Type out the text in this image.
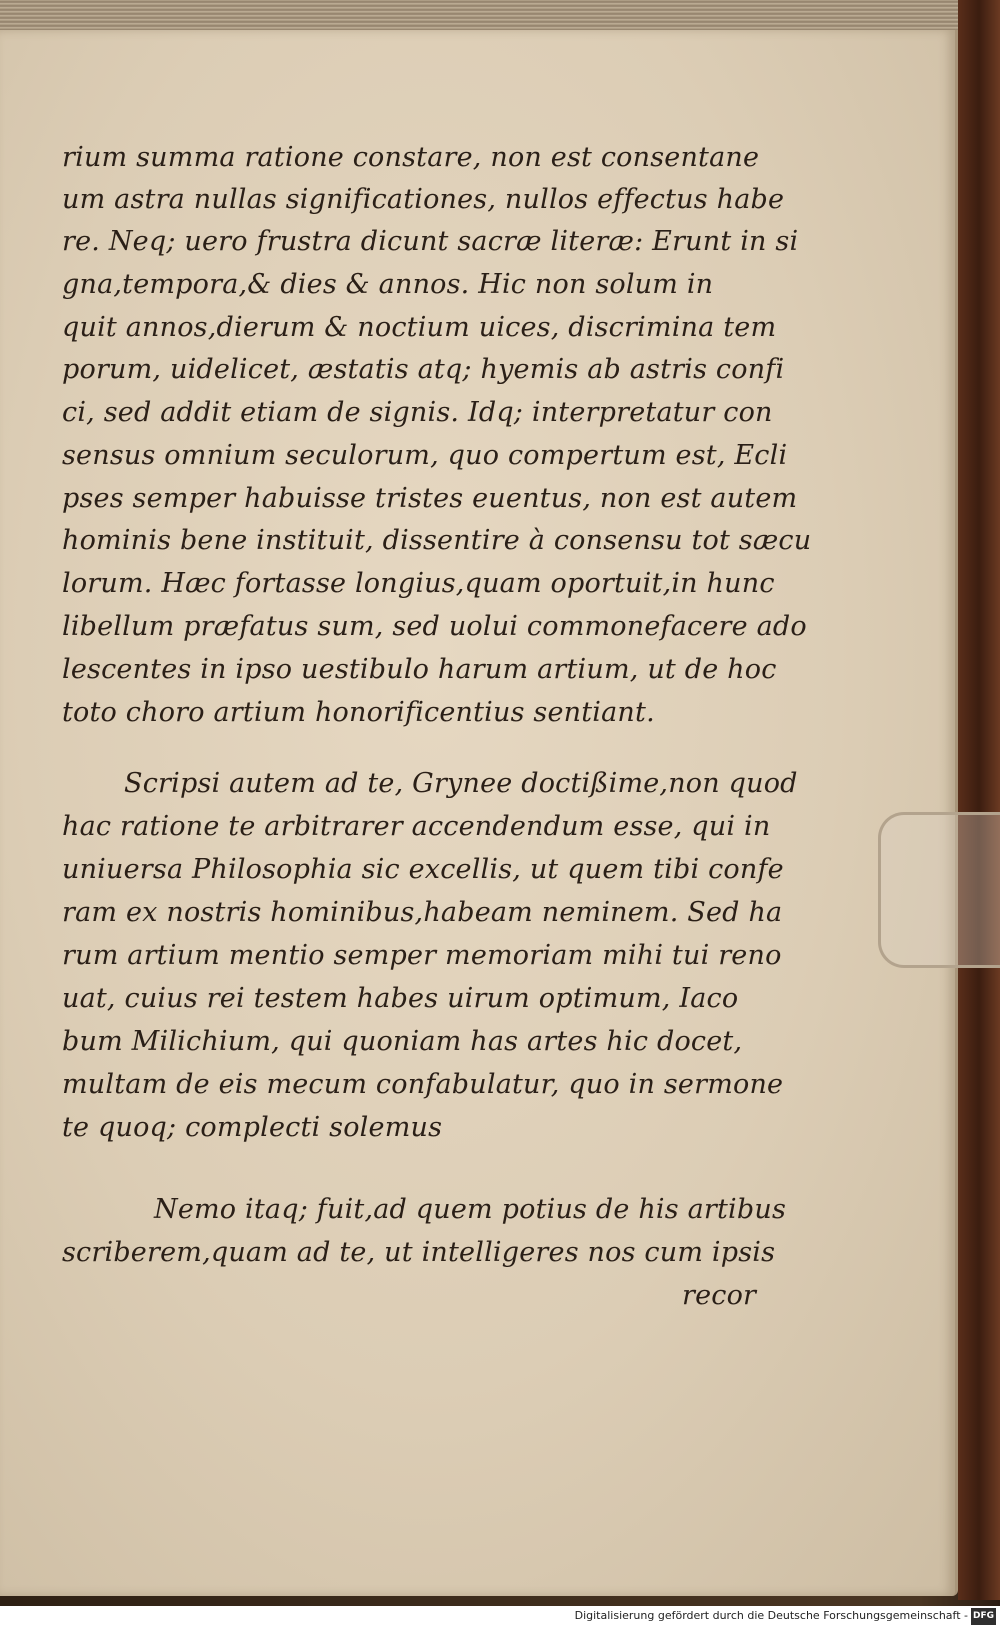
rium summa ratione constare, non est consentane
um astra nullas significationes, nullos effectus habe
re. Neq; uero frustra dicunt sacræ literæ: Erunt in si
gna,tempora,& dies & annos. Hic non solum in
quit annos,dierum & noctium uices, discrimina tem
porum, uidelicet, æstatis atq; hyemis ab astris confi
ci, sed addit etiam de signis. Idq; interpretatur con
sensus omnium seculorum, quo compertum est, Ecli
pses semper habuisse tristes euentus, non est autem
hominis bene instituit, dissentire à consensu tot sæcu
lorum. Hæc fortasse longius,quam oportuit,in hunc
libellum præfatus sum, sed uolui commonefacere ado
lescentes in ipso uestibulo harum artium, ut de hoc
toto choro artium honorificentius sentiant.
Scripsi autem ad te, Grynee doctißime,non quod
hac ratione te arbitrarer accendendum esse, qui in
uniuersa Philosophia sic excellis, ut quem tibi confe
ram ex nostris hominibus,habeam neminem. Sed ha
rum artium mentio semper memoriam mihi tui reno
uat, cuius rei testem habes uirum optimum, Iaco
bum Milichium, qui quoniam has artes hic docet,
multam de eis mecum confabulatur, quo in sermone
te quoq; complecti solemus
Nemo itaq; fuit,ad quem potius de his artibus
scriberem,quam ad te, ut intelligeres nos cum ipsis
recor
Digitalisierung gefördert durch die Deutsche Forschungsgemeinschaft - DFG
